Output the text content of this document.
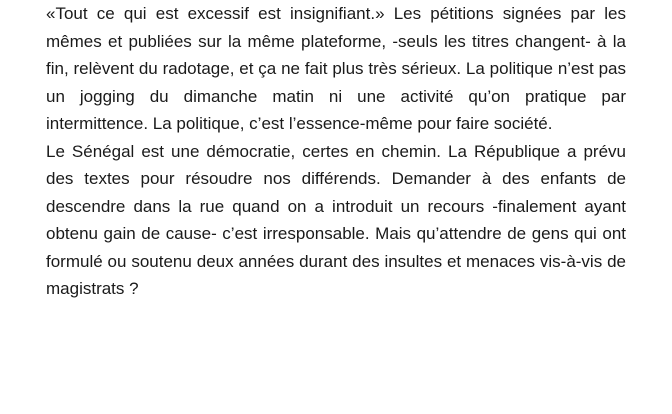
«Tout ce qui est excessif est insignifiant.» Les pétitions signées par les mêmes et publiées sur la même plateforme, -seuls les titres changent- à la fin, relèvent du radotage, et ça ne fait plus très sérieux. La politique n’est pas un jogging du dimanche matin ni une activité qu’on pratique par intermittence. La politique, c’est l’essence-même pour faire société.

Le Sénégal est une démocratie, certes en chemin. La République a prévu des textes pour résoudre nos différends. Demander à des enfants de descendre dans la rue quand on a introduit un recours -finalement ayant obtenu gain de cause- c’est irresponsable. Mais qu’attendre de gens qui ont formulé ou soutenu deux années durant des insultes et menaces vis-à-vis de magistrats ?
